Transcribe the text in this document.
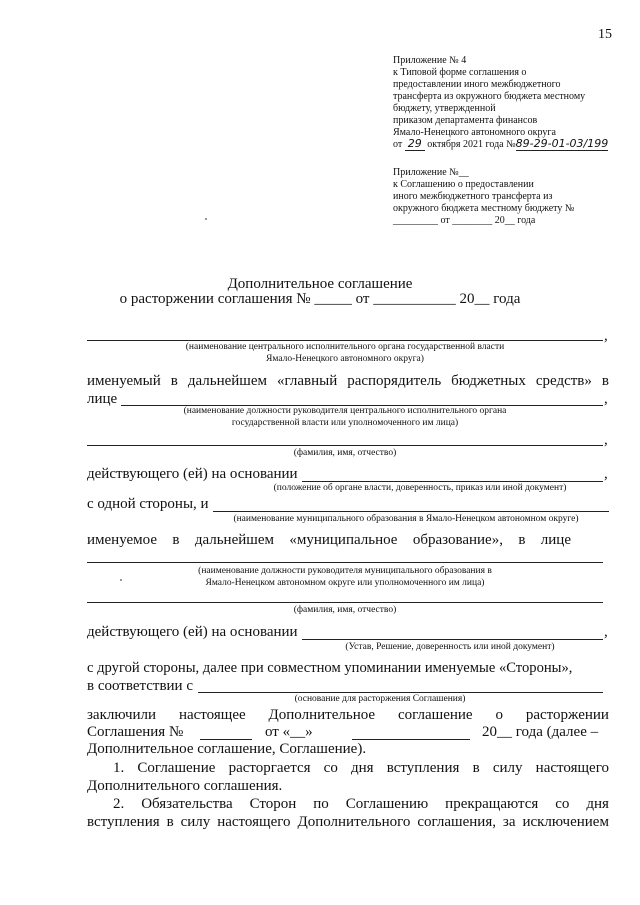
15
Приложение № 4
к Типовой форме соглашения о
предоставлении иного межбюджетного
трансферта из окружного бюджета местному
бюджету, утвержденной
приказом департамента финансов
Ямало-Ненецкого автономного округа
от 29 октября 2021 года №89-29-01-03/199
Приложение №__
к Соглашению о предоставлении
иного межбюджетного трансферта из
окружного бюджета местному бюджету №
_________ от ________ 20__ года
Дополнительное соглашение
о расторжении соглашения № _____ от ___________ 20__ года
,
(наименование центрального исполнительного органа государственной власти
Ямало-Ненецкого автономного округа)
именуемый в дальнейшем «главный распорядитель бюджетных средств» в
лице	,
(наименование должности руководителя центрального исполнительного органа
государственной власти или уполномоченного им лица)
,
(фамилия, имя, отчество)
действующего (ей) на основании	,
(положение об органе власти, доверенность, приказ или иной документ)
с одной стороны, и
(наименование муниципального образования в Ямало-Ненецком автономном округе)
именуемое в дальнейшем «муниципальное образование», в лице
(наименование должности руководителя муниципального образования в
Ямало-Ненецком автономном округе или уполномоченного им лица)
(фамилия, имя, отчество)
действующего (ей) на основании	,
(Устав, Решение, доверенность или иной документ)
с другой стороны, далее при совместном упоминании именуемые «Стороны»,
в соответствии с
(основание для расторжения Соглашения)
заключили настоящее Дополнительное соглашение о расторжении
Соглашения №	от «__»	20__ года (далее –
Дополнительное соглашение, Соглашение).
1. Соглашение расторгается со дня вступления в силу настоящего
Дополнительного соглашения.
2. Обязательства Сторон по Соглашению прекращаются со дня
вступления в силу настоящего Дополнительного соглашения, за исключением
